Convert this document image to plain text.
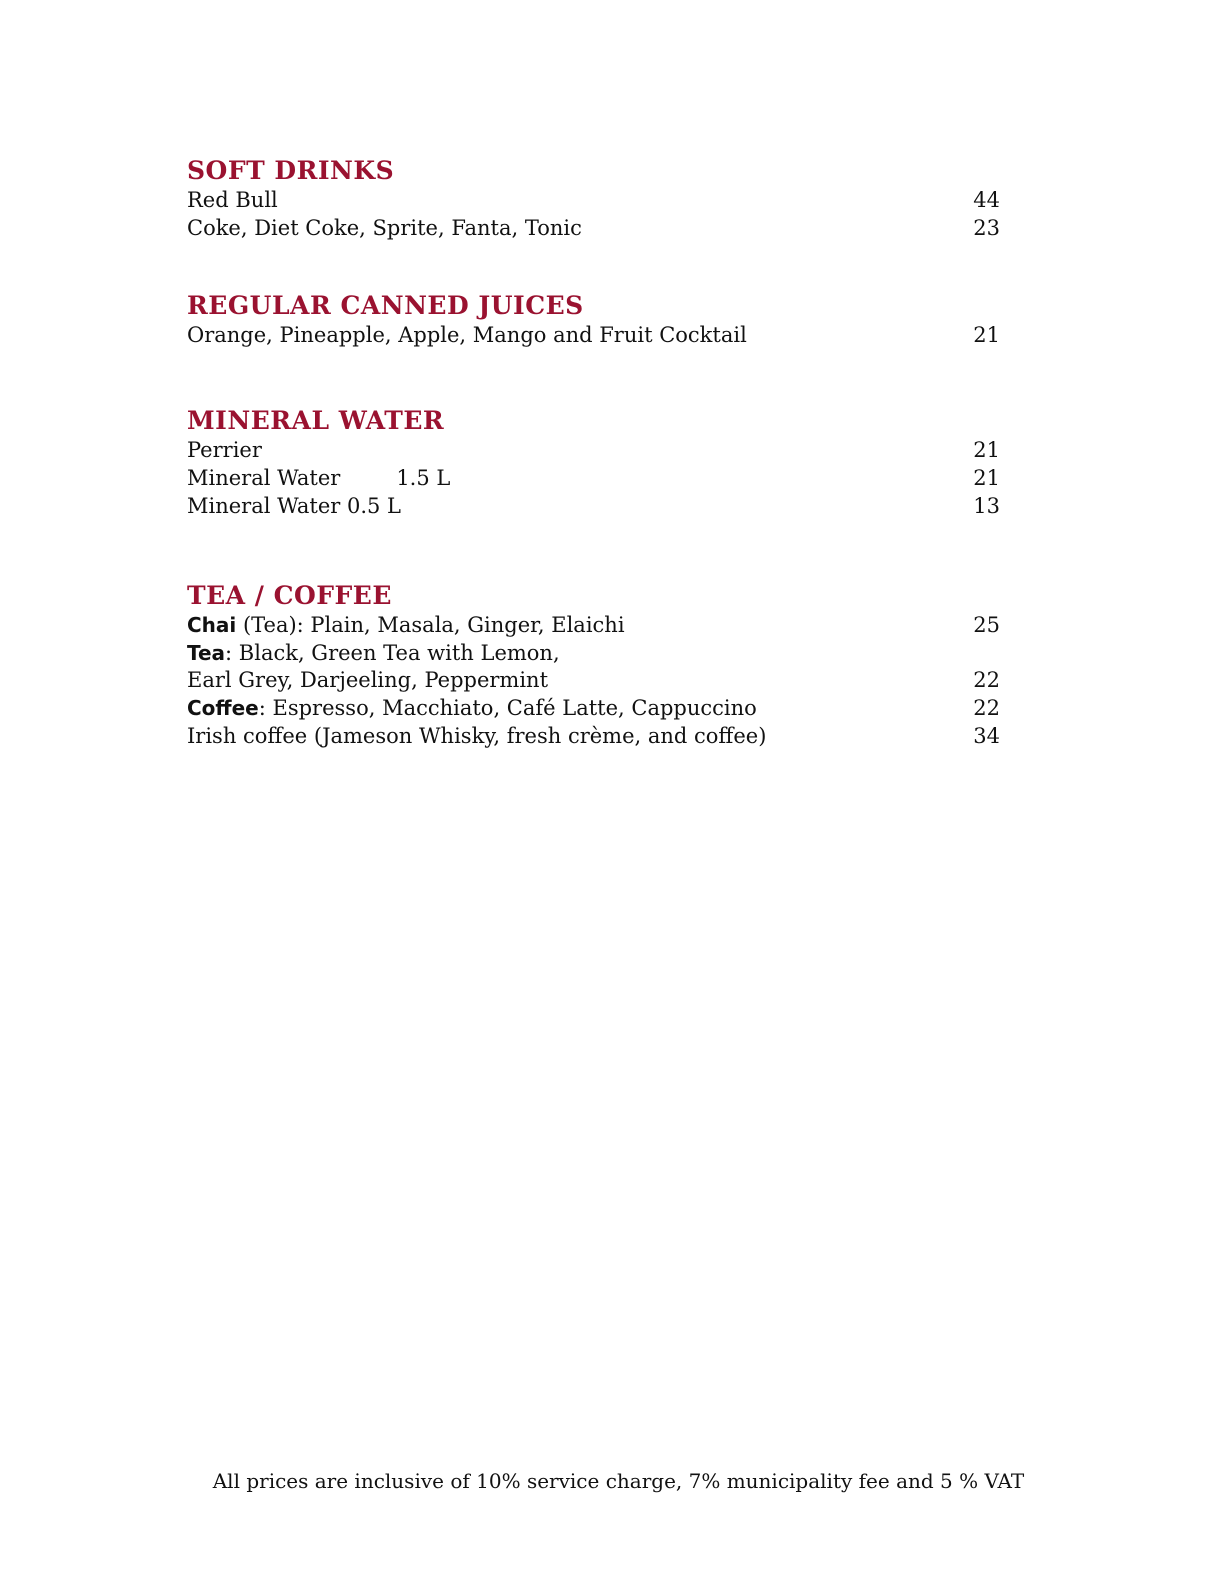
SOFT DRINKS
Red Bull	44
Coke, Diet Coke, Sprite, Fanta, Tonic	23
REGULAR CANNED JUICES
Orange, Pineapple, Apple, Mango and Fruit Cocktail	21
MINERAL WATER
Perrier	21
Mineral Water	1.5 L	21
Mineral Water 0.5 L	13
TEA / COFFEE
Chai (Tea): Plain, Masala, Ginger, Elaichi	25
Tea: Black, Green Tea with Lemon,
Earl Grey, Darjeeling, Peppermint	22
Coffee: Espresso, Macchiato, Café Latte, Cappuccino	22
Irish coffee (Jameson Whisky, fresh crème, and coffee)	34
All prices are inclusive of 10% service charge, 7% municipality fee and 5 % VAT
